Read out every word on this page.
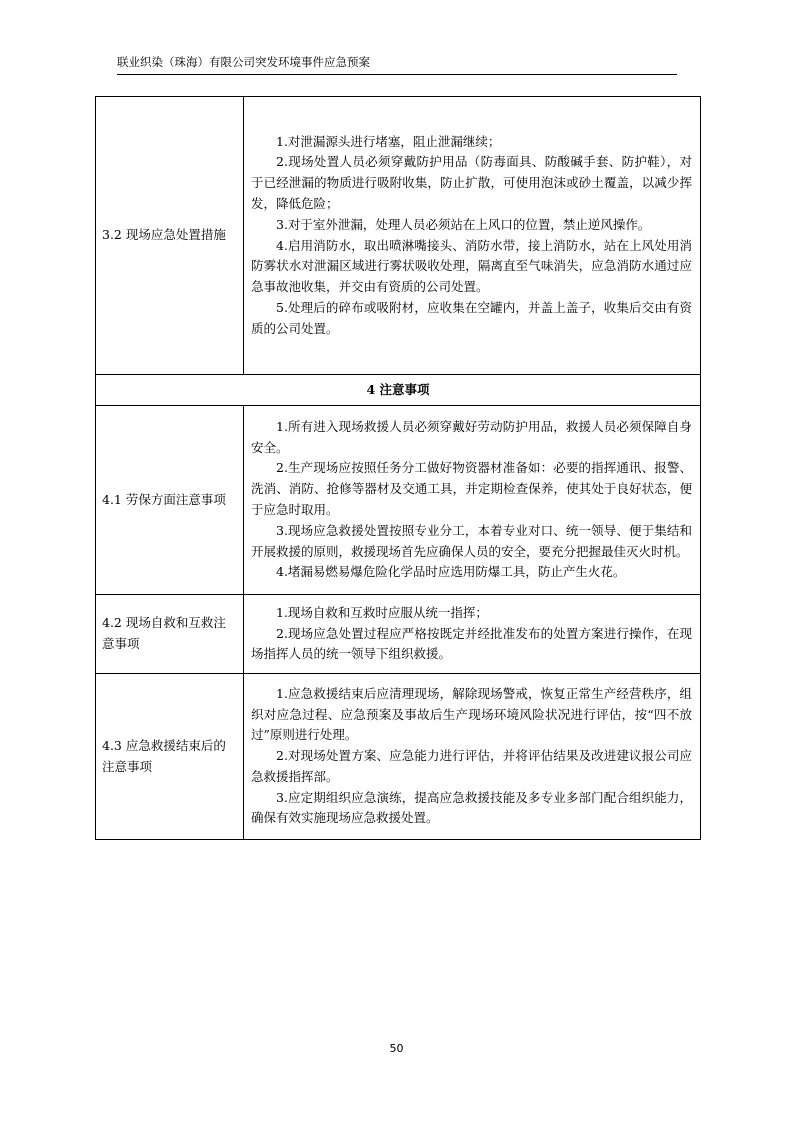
联业织染（珠海）有限公司突发环境事件应急预案
3.2 现场应急处置措施	1.对泄漏源头进行堵塞，阻止泄漏继续；

2.现场处置人员必须穿戴防护用品（防毒面具、防酸碱手套、防护鞋），对于已经泄漏的物质进行吸附收集，防止扩散，可使用泡沫或砂土覆盖，以减少挥发，降低危险；

3.对于室外泄漏，处理人员必须站在上风口的位置，禁止逆风操作。

4.启用消防水，取出喷淋嘴接头、消防水带，接上消防水，站在上风处用消防雾状水对泄漏区域进行雾状吸收处理，隔离直至气味消失，应急消防水通过应急事故池收集，并交由有资质的公司处置。

5.处理后的碎布或吸附材，应收集在空罐内，并盖上盖子，收集后交由有资质的公司处置。

4 注意事项	
4.1 劳保方面注意事项	1.所有进入现场救援人员必须穿戴好劳动防护用品，救援人员必须保障自身安全。

2.生产现场应按照任务分工做好物资器材准备如：必要的指挥通讯、报警、洗消、消防、抢修等器材及交通工具，并定期检查保养，使其处于良好状态，便于应急时取用。

3.现场应急救援处置按照专业分工，本着专业对口、统一领导、便于集结和开展救援的原则，救援现场首先应确保人员的安全，要充分把握最佳灭火时机。

4.堵漏易燃易爆危险化学品时应选用防爆工具，防止产生火花。

4.2 现场自救和互救注意事项	1.现场自救和互救时应服从统一指挥；

2.现场应急处置过程应严格按既定并经批准发布的处置方案进行操作，在现场指挥人员的统一领导下组织救援。

4.3 应急救援结束后的注意事项	1.应急救援结束后应清理现场，解除现场警戒，恢复正常生产经营秩序，组织对应急过程、应急预案及事故后生产现场环境风险状况进行评估，按“四不放过”原则进行处理。

2.对现场处置方案、应急能力进行评估，并将评估结果及改进建议报公司应急救援指挥部。

3.应定期组织应急演练，提高应急救援技能及多专业多部门配合组织能力，确保有效实施现场应急救援处置。

50
